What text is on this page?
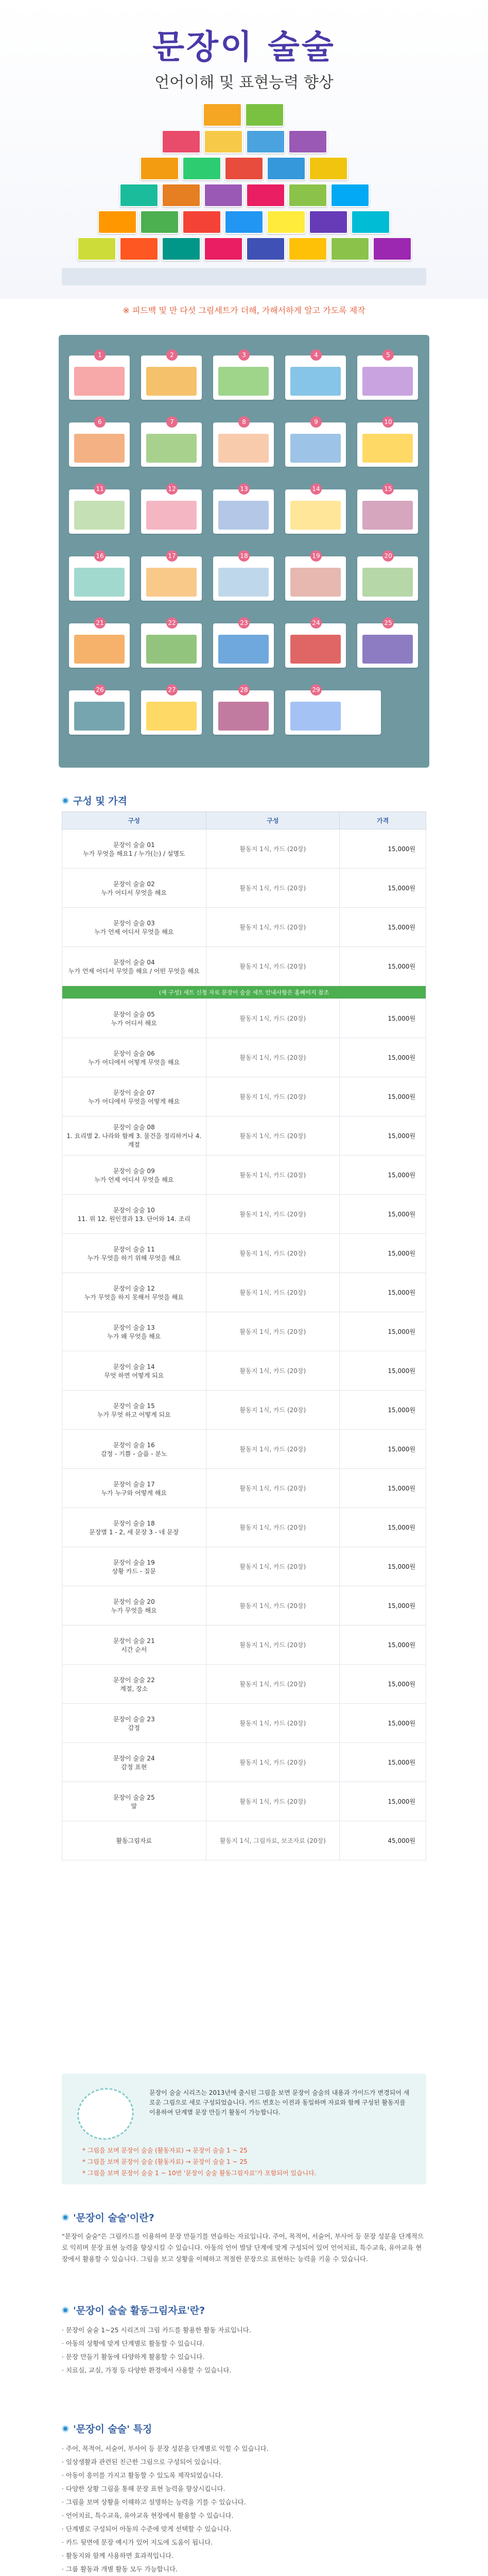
문장이 술술
언어이해 및 표현능력 향상
※ 피드백 및 만 다섯 그림세트가 더해, 가해서하게 알고 가도록 제작
1	2	3	4	5
6	7	8	9	10
11	12	13	14	15
16	17	18	19	20
21	22	23	24	25
26	27	28	29
구성 및 가격
구성	구성	가격
문장이 술술 01
누가 무엇을 해요1 / 누가(는) / 설명도	활동지 1식, 카드 (20장)	15,000원
문장이 술술 02
누가 어디서 무엇을 해요	활동지 1식, 카드 (20장)	15,000원
문장이 술술 03
누가 언제 어디서 무엇을 해요	활동지 1식, 카드 (20장)	15,000원
문장이 술술 04
누가 언제 어디서 무엇을 해요 / 어떤 무엇을 해요	활동지 1식, 카드 (20장)	15,000원
(새 구성) 세트 신청 자료 문장이 술술 세트 안내사항은 홈페이지 참조		
문장이 술술 05
누가 어디서 해요	활동지 1식, 카드 (20장)	15,000원
문장이 술술 06
누가 어디에서 어떻게 무엇을 해요	활동지 1식, 카드 (20장)	15,000원
문장이 술술 07
누가 어디에서 무엇을 어떻게 해요	활동지 1식, 카드 (20장)	15,000원
문장이 술술 08
1. 요리별 2. 나라와 함께 3. 물건을 정리하거나 4. 계절	활동지 1식, 카드 (20장)	15,000원
문장이 술술 09
누가 언제 어디서 무엇을 해요	활동지 1식, 카드 (20장)	15,000원
문장이 술술 10
11. 위 12. 원인결과 13. 단어와 14. 조리	활동지 1식, 카드 (20장)	15,000원
문장이 술술 11
누가 무엇을 하기 위해 무엇을 해요	활동지 1식, 카드 (20장)	15,000원
문장이 술술 12
누가 무엇을 하지 못해서 무엇을 해요	활동지 1식, 카드 (20장)	15,000원
문장이 술술 13
누가 왜 무엇을 해요	활동지 1식, 카드 (20장)	15,000원
문장이 술술 14
무엇 하면 어떻게 되요	활동지 1식, 카드 (20장)	15,000원
문장이 술술 15
누가 무엇 하고 어떻게 되요	활동지 1식, 카드 (20장)	15,000원
문장이 술술 16
감정 - 기쁨 - 슬픔 - 분노	활동지 1식, 카드 (20장)	15,000원
문장이 술술 17
누가 누구와 어떻게 해요	활동지 1식, 카드 (20장)	15,000원
문장이 술술 18
문장별 1 - 2, 세 문장 3 - 네 문장	활동지 1식, 카드 (20장)	15,000원
문장이 술술 19
상황 카드 - 질문	활동지 1식, 카드 (20장)	15,000원
문장이 술술 20
누가 무엇을 해요	활동지 1식, 카드 (20장)	15,000원
문장이 술술 21
시간 순서	활동지 1식, 카드 (20장)	15,000원
문장이 술술 22
계절, 장소	활동지 1식, 카드 (20장)	15,000원
문장이 술술 23
감정	활동지 1식, 카드 (20장)	15,000원
문장이 술술 24
감정 표현	활동지 1식, 카드 (20장)	15,000원
문장이 술술 25
말	활동지 1식, 카드 (20장)	15,000원
활동그림자료	활동지 1식, 그림자료, 보조자료 (20장)	45,000원
문장이 술술 시리즈는 2013년에 출시된 그림을 보면 문장이 술술의 내용과 가이드가 변경되어 새로운 그림으로 새로 구성되었습니다. 카드 번호는 이전과 동일하며 자료와 함께 구성된 활동지를 이용하여 단계별 문장 만들기 활동이 가능합니다.
* 그림을 보며 문장이 술술 (활동자료) → 문장이 술술 1 ~ 25
* 그림을 보며 문장이 술술 (활동자료) → 문장이 술술 1 ~ 25
* 그림을 보며 문장이 술술 1 ~ 10번 '문장이 술술 활동그림자료'가 포함되어 있습니다.
'문장이 술술'이란?
"문장이 술술"은 그림카드를 이용하여 문장 만들기를 연습하는 자료입니다. 주어, 목적어, 서술어, 부사어 등 문장 성분을 단계적으로 익히며 문장 표현 능력을 향상시킬 수 있습니다. 아동의 언어 발달 단계에 맞게 구성되어 있어 언어치료, 특수교육, 유아교육 현장에서 활용할 수 있습니다. 그림을 보고 상황을 이해하고 적절한 문장으로 표현하는 능력을 키울 수 있습니다.
'문장이 술술 활동그림자료'란?
· 문장이 술술 1~25 시리즈의 그림 카드를 활용한 활동 자료입니다.
· 아동의 상황에 맞게 단계별로 활동할 수 있습니다.
· 문장 만들기 활동에 다양하게 활용할 수 있습니다.
· 치료실, 교실, 가정 등 다양한 환경에서 사용할 수 있습니다.
'문장이 술술' 특징
· 주어, 목적어, 서술어, 부사어 등 문장 성분을 단계별로 익힐 수 있습니다.
· 일상생활과 관련된 친근한 그림으로 구성되어 있습니다.
· 아동이 흥미를 가지고 활동할 수 있도록 제작되었습니다.
· 다양한 상황 그림을 통해 문장 표현 능력을 향상시킵니다.
· 그림을 보며 상황을 이해하고 설명하는 능력을 기를 수 있습니다.
· 언어치료, 특수교육, 유아교육 현장에서 활용할 수 있습니다.
· 단계별로 구성되어 아동의 수준에 맞게 선택할 수 있습니다.
· 카드 뒷면에 문장 예시가 있어 지도에 도움이 됩니다.
· 활동지와 함께 사용하면 효과적입니다.
· 그룹 활동과 개별 활동 모두 가능합니다.
